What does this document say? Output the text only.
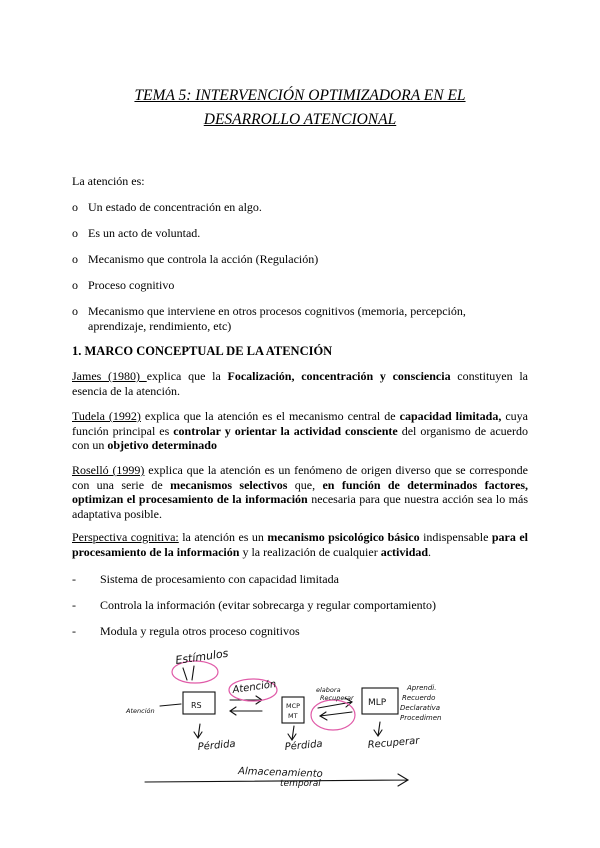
TEMA 5: INTERVENCIÓN OPTIMIZADORA EN EL
DESARROLLO ATENCIONAL
La atención es:
o Un estado de concentración en algo.
o Es un acto de voluntad.
o Mecanismo que controla la acción (Regulación)
o Proceso cognitivo
o Mecanismo que interviene en otros procesos cognitivos (memoria, percepción, aprendizaje, rendimiento, etc)
1. MARCO CONCEPTUAL DE LA ATENCIÓN
James (1980) explica que la Focalización, concentración y consciencia constituyen la esencia de la atención.
Tudela (1992) explica que la atención es el mecanismo central de capacidad limitada, cuya función principal es controlar y orientar la actividad consciente del organismo de acuerdo con un objetivo determinado
Roselló (1999) explica que la atención es un fenómeno de origen diverso que se corresponde con una serie de mecanismos selectivos que, en función de determinados factores, optimizan el procesamiento de la información necesaria para que nuestra acción sea lo más adaptativa posible.
Perspectiva cognitiva: la atención es un mecanismo psicológico básico indispensable para el procesamiento de la información y la realización de cualquier actividad.
- Sistema de procesamiento con capacidad limitada
- Controla la información (evitar sobrecarga y regular comportamiento)
- Modula y regula otros proceso cognitivos
Estímulos
Atención
Atención
RS	MCP
MT
elabora
Recuperar MLP
Aprendi.
Recuerdo
Declarativa
Procedimen
Pérdida	Pérdida	Recuperar
Almacenamiento
temporal
